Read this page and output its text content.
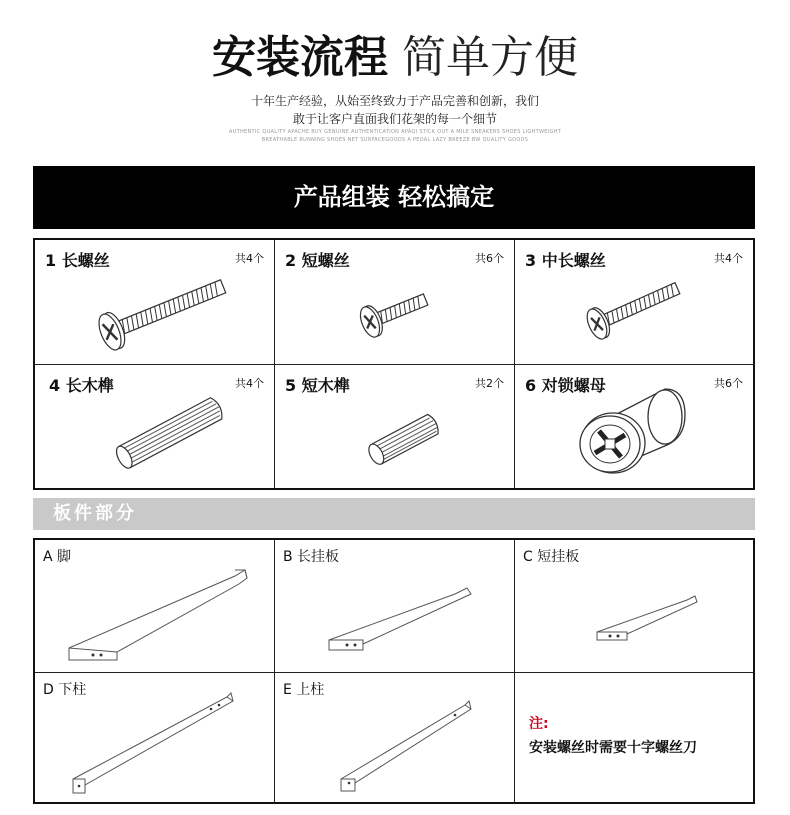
安装流程 简单方便
十年生产经验，从始至终致力于产品完善和创新，我们
敢于让客户直面我们花架的每一个细节
AUTHENTIC QUALITY APACHE BUY GENUINE AUTHENTICATION APAQI STICK OUT A MILE SNEAKERS SHOES LIGHTWEIGHT
BREATHABLE RUNNING SHOES NET SURFACEGOODS A PEDAL LAZY BREEZE BW QUALITY GOODS
产品组装 轻松搞定
1 长螺丝	共4个 2 短螺丝	共6个 3 中长螺丝	共4个
4 长木榫	共4个 5 短木榫	共2个 6 对锁螺母	共6个
板件部分
A 脚	B 长挂板	C 短挂板
D 下柱	E 上柱
注:
安装螺丝时需要十字螺丝刀
